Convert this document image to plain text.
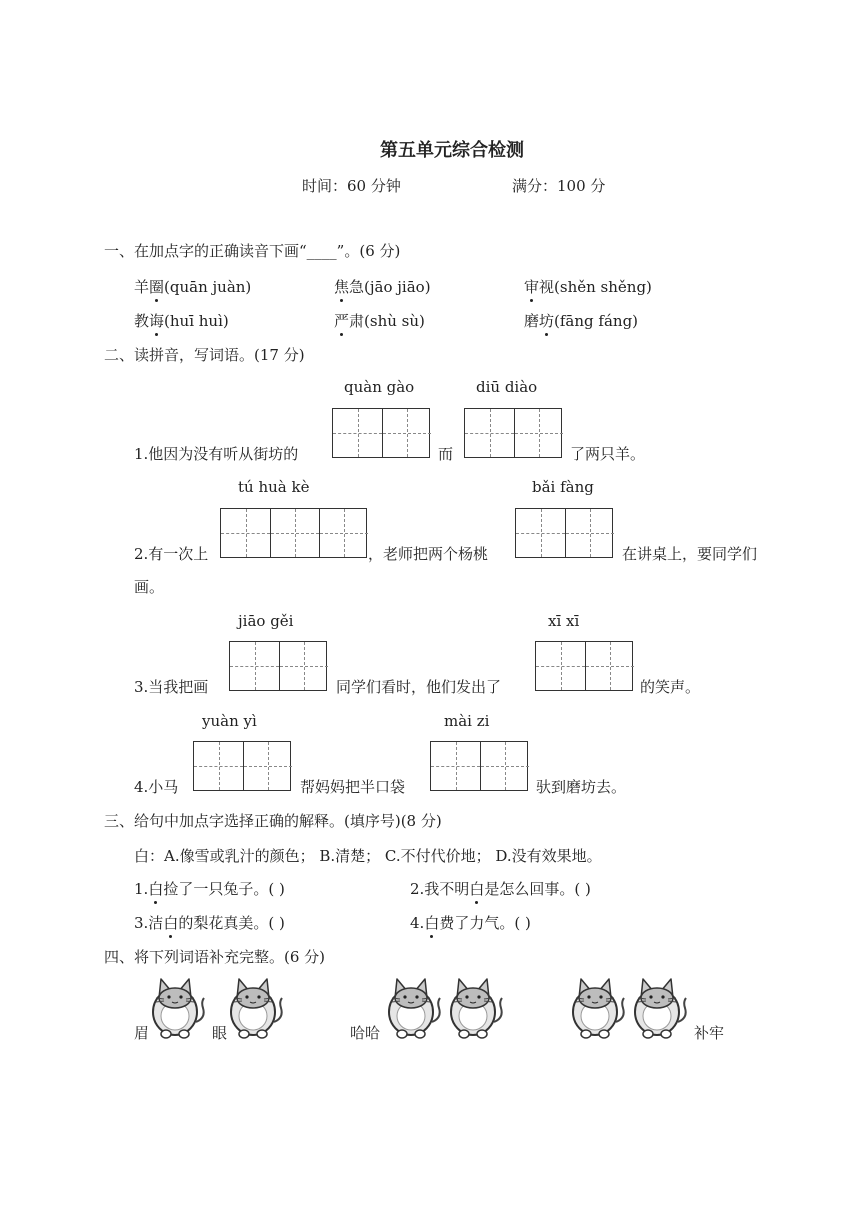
第五单元综合检测
时间：60 分钟	满分：100 分
一、在加点字的正确读音下画“____”。(6 分)
羊圈(quān juàn)	焦急(jāo jiāo)	审视(shěn shěng)
教诲(huī huì)	严肃(shù sù)	磨坊(fāng fáng)
二、读拼音，写词语。(17 分)
quàn gào	diū diào
1.他因为没有听从街坊的	而	了两只羊。
tú huà kè	bǎi fàng
2.有一次上	，老师把两个杨桃	在讲桌上，要同学们
画。
jiāo gěi	xī xī
3.当我把画	同学们看时，他们发出了	的笑声。
yuàn yì	mài zi
4.小马	帮妈妈把半口袋	驮到磨坊去。
三、给句中加点字选择正确的解释。(填序号)(8 分)
白：A.像雪或乳汁的颜色； B.清楚； C.不付代价地； D.没有效果地。
1.白捡了一只兔子。( )	2.我不明白是怎么回事。( )
3.洁白的梨花真美。( )	4.白费了力气。( )
四、将下列词语补充完整。(6 分)
眉	眼	哈哈	补牢
